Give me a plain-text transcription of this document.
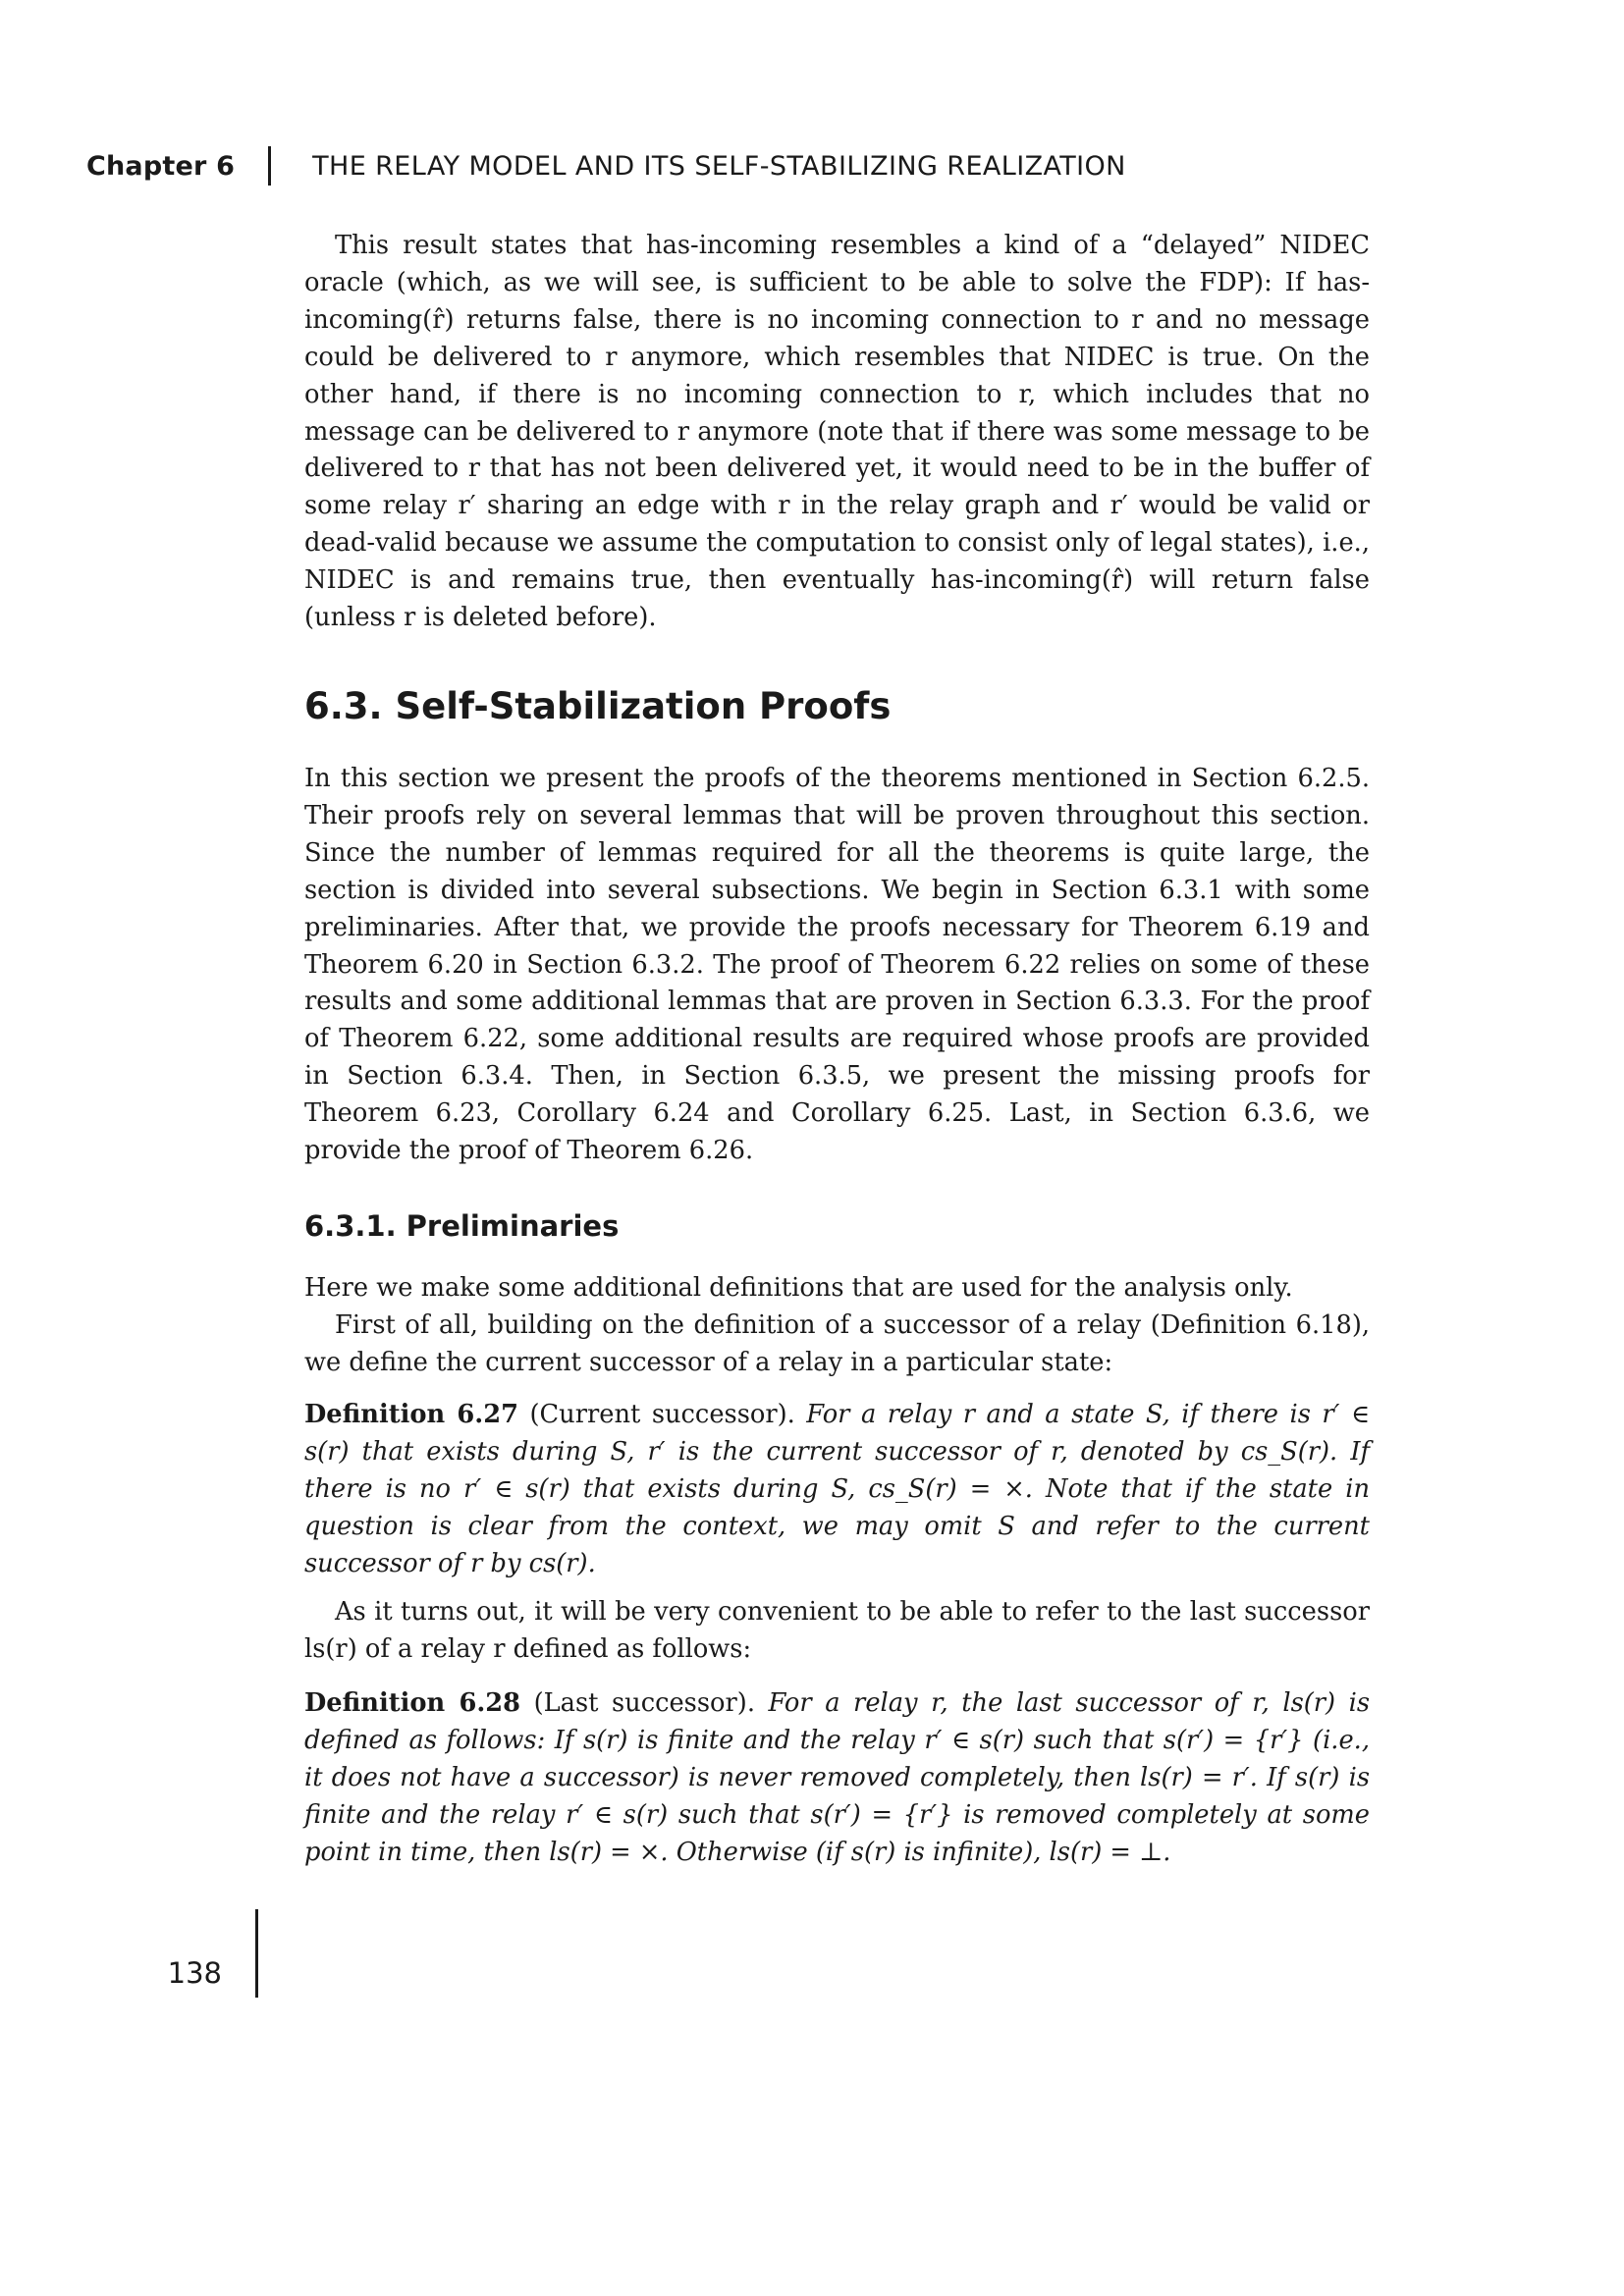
Chapter 6	THE RELAY MODEL AND ITS SELF-STABILIZING REALIZATION

This result states that has-incoming resembles a kind of a “delayed” NIDEC oracle (which, as we will see, is sufficient to be able to solve the FDP): If has-incoming(r̂) returns false, there is no incoming connection to r and no message could be delivered to r anymore, which resembles that NIDEC is true. On the other hand, if there is no incoming connection to r, which includes that no message can be delivered to r anymore (note that if there was some message to be delivered to r that has not been delivered yet, it would need to be in the buffer of some relay r′ sharing an edge with r in the relay graph and r′ would be valid or dead-valid because we assume the computation to consist only of legal states), i.e., NIDEC is and remains true, then eventually has-incoming(r̂) will return false (unless r is deleted before).

6.3. Self-Stabilization Proofs

In this section we present the proofs of the theorems mentioned in Section 6.2.5. Their proofs rely on several lemmas that will be proven throughout this section. Since the number of lemmas required for all the theorems is quite large, the section is divided into several subsections. We begin in Section 6.3.1 with some preliminaries. After that, we provide the proofs necessary for Theorem 6.19 and Theorem 6.20 in Section 6.3.2. The proof of Theorem 6.22 relies on some of these results and some additional lemmas that are proven in Section 6.3.3. For the proof of Theorem 6.22, some additional results are required whose proofs are provided in Section 6.3.4. Then, in Section 6.3.5, we present the missing proofs for Theorem 6.23, Corollary 6.24 and Corollary 6.25. Last, in Section 6.3.6, we provide the proof of Theorem 6.26.

6.3.1. Preliminaries

Here we make some additional definitions that are used for the analysis only.

First of all, building on the definition of a successor of a relay (Definition 6.18), we define the current successor of a relay in a particular state:

Definition 6.27 (Current successor). For a relay r and a state S, if there is r′ ∈ s(r) that exists during S, r′ is the current successor of r, denoted by cs_S(r). If there is no r′ ∈ s(r) that exists during S, cs_S(r) = ×. Note that if the state in question is clear from the context, we may omit S and refer to the current successor of r by cs(r).

As it turns out, it will be very convenient to be able to refer to the last successor ls(r) of a relay r defined as follows:

Definition 6.28 (Last successor). For a relay r, the last successor of r, ls(r) is defined as follows: If s(r) is finite and the relay r′ ∈ s(r) such that s(r′) = {r′} (i.e., it does not have a successor) is never removed completely, then ls(r) = r′. If s(r) is finite and the relay r′ ∈ s(r) such that s(r′) = {r′} is removed completely at some point in time, then ls(r) = ×. Otherwise (if s(r) is infinite), ls(r) = ⊥.

138
